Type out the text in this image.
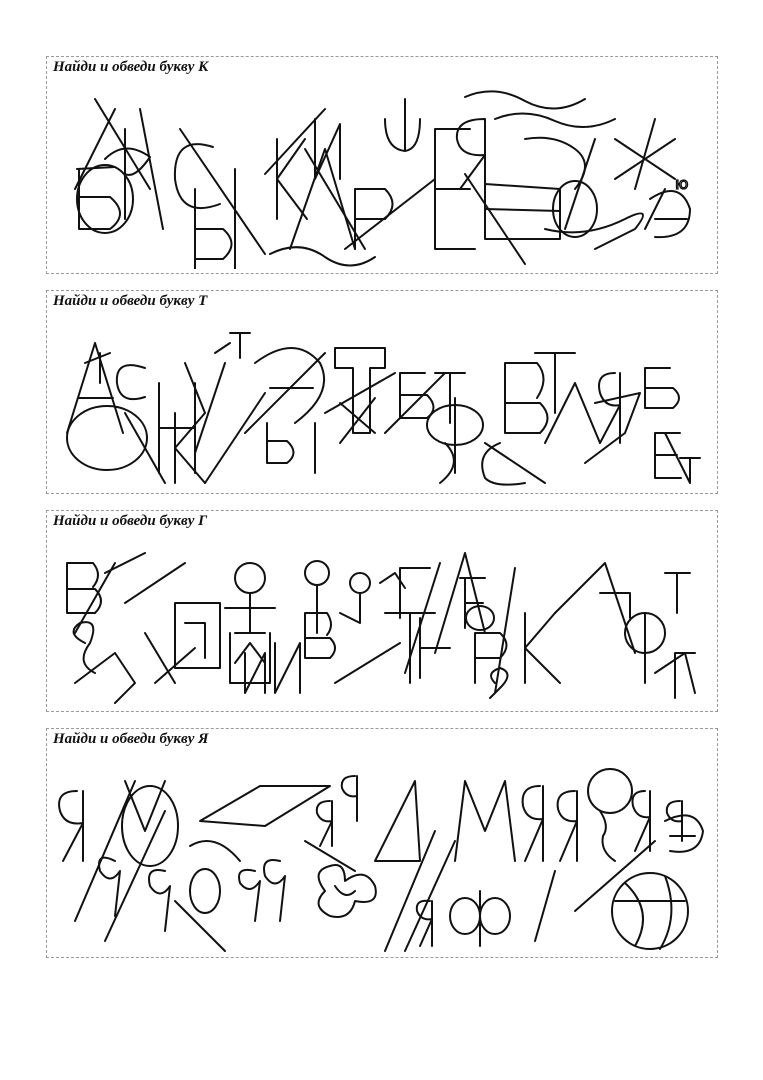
Найди и обведи букву К
ю
Найди и обведи букву Т
Найди и обведи букву Г
Найди и обведи букву Я
